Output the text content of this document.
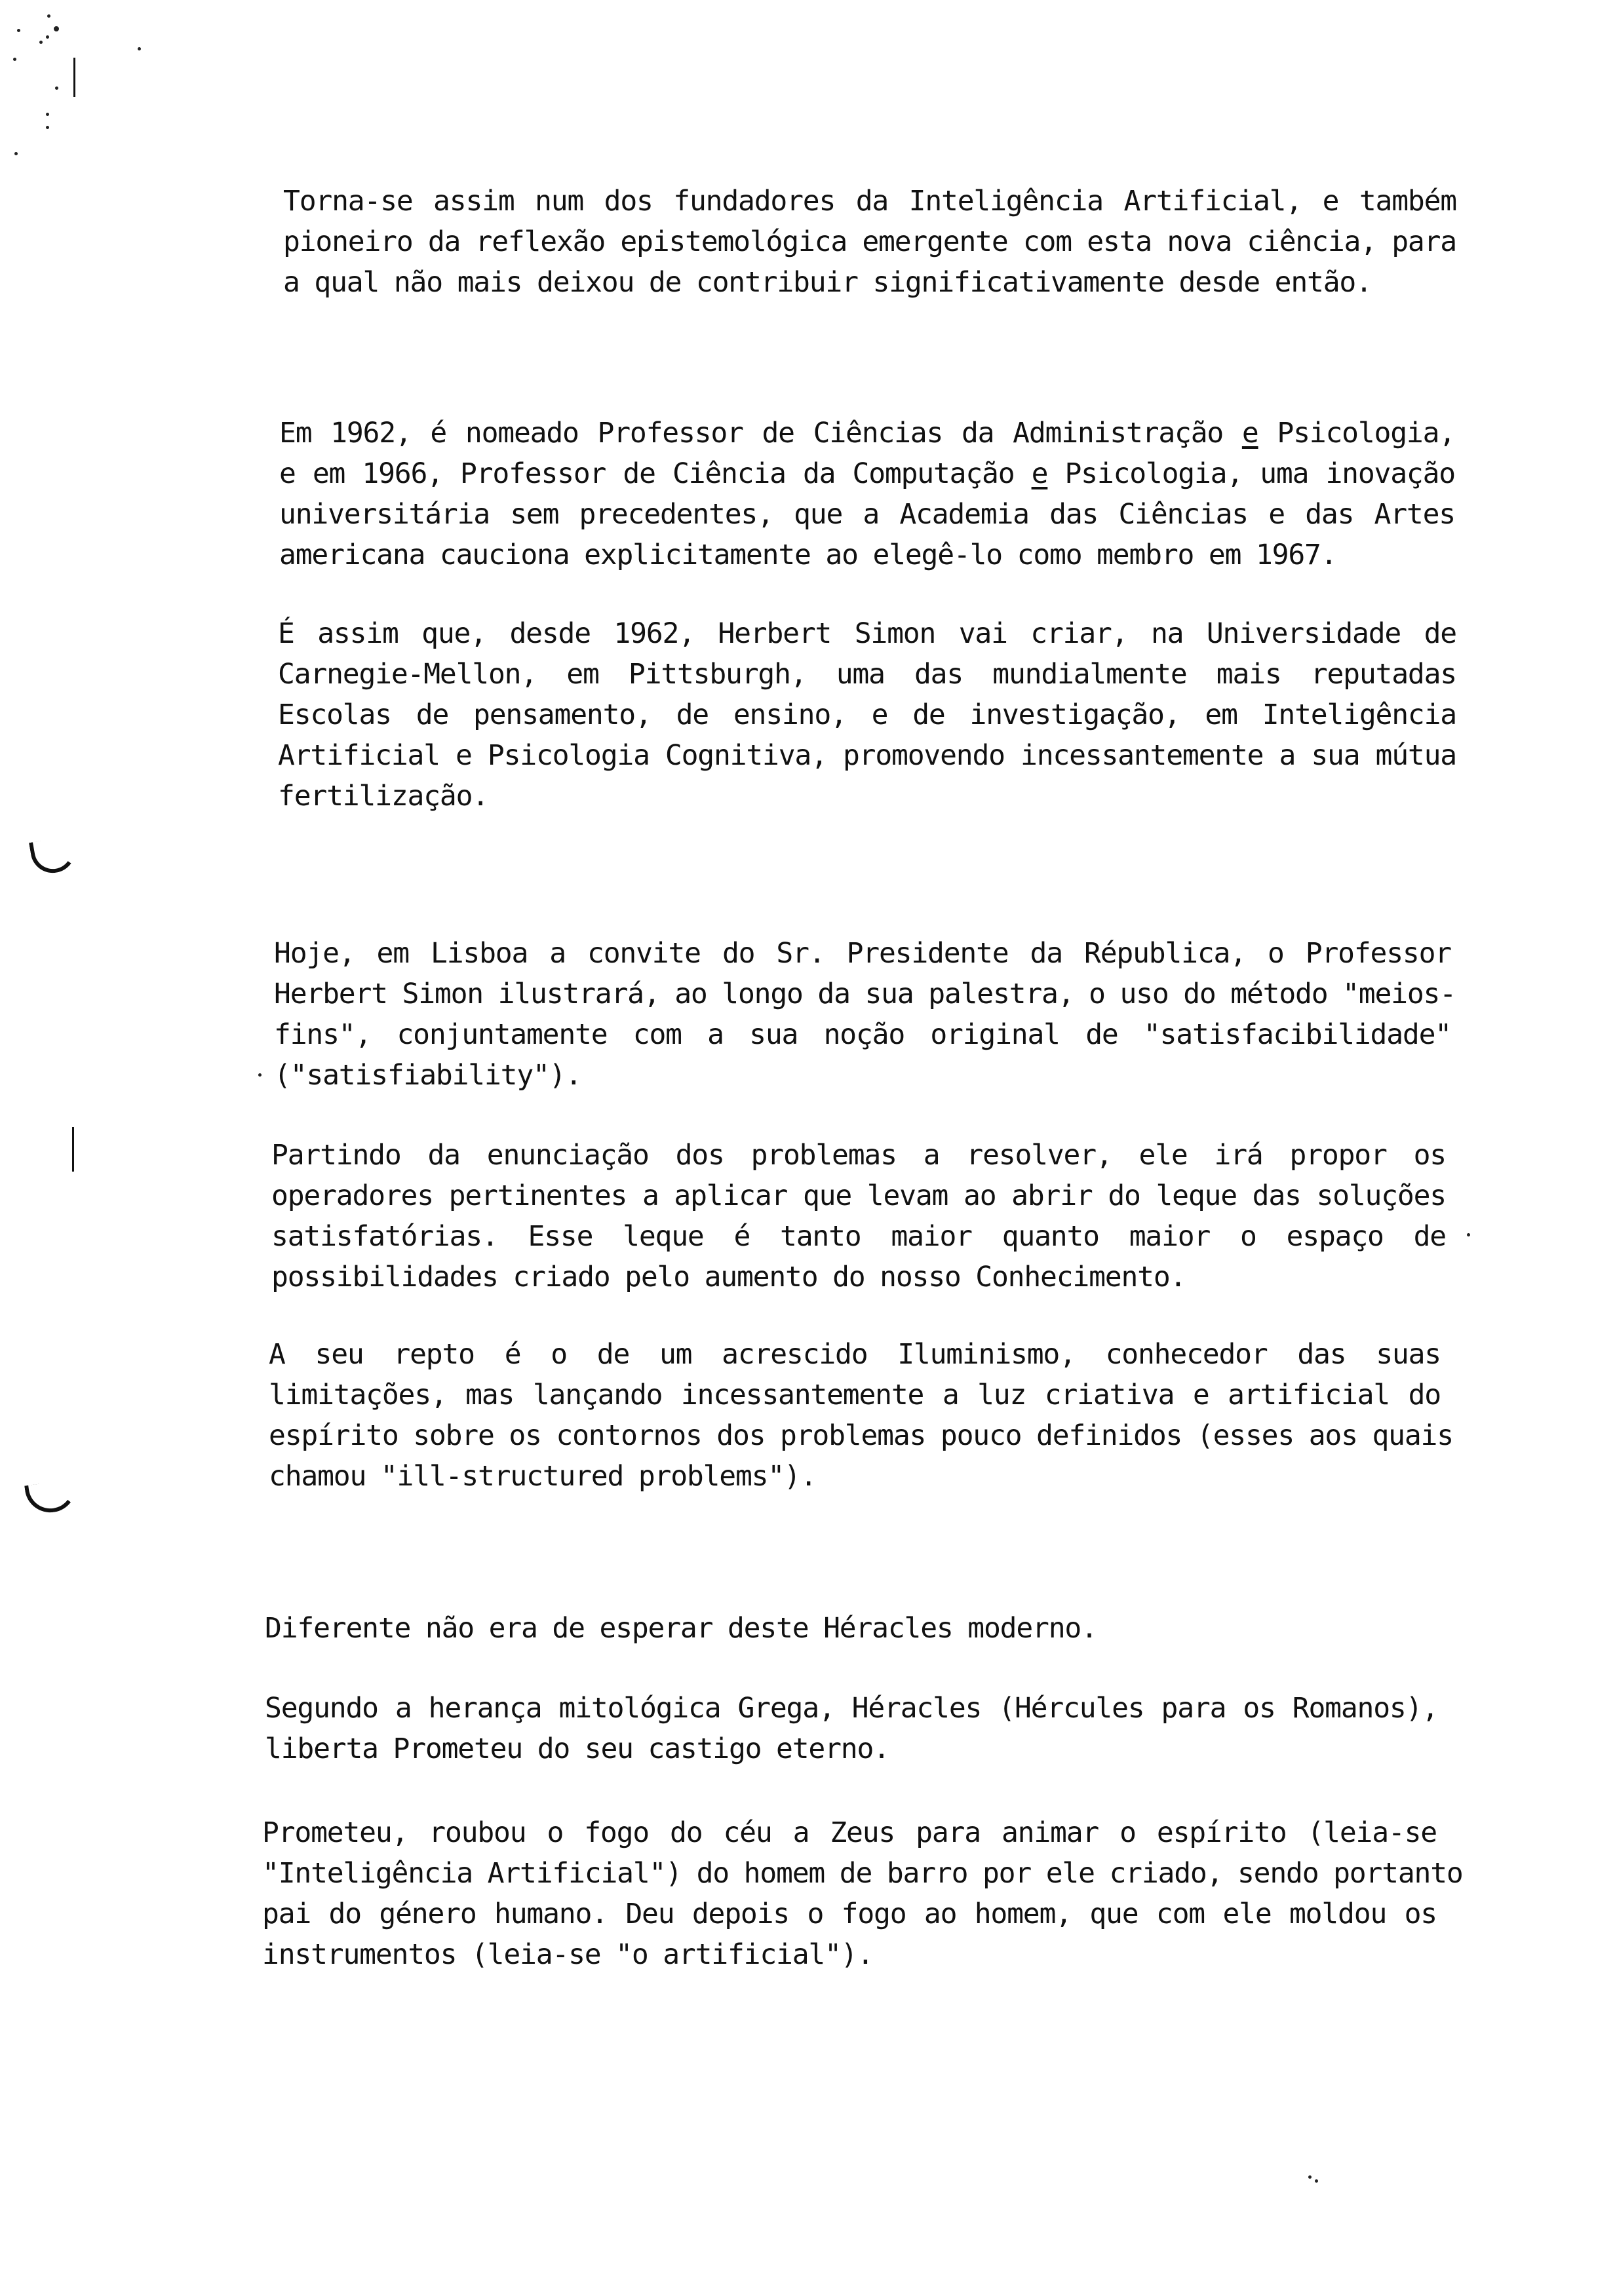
Torna-se assim num dos fundadores da Inteligência Artificial, e também
pioneiro da reflexão epistemológica emergente com esta nova ciência, para
a qual não mais deixou de contribuir significativamente desde então.
Em 1962, é nomeado Professor de Ciências da Administração e Psicologia,
e em 1966, Professor de Ciência da Computação e Psicologia, uma inovação
universitária sem precedentes, que a Academia das Ciências e das Artes
americana cauciona explicitamente ao elegê-lo como membro em 1967.
É assim que, desde 1962, Herbert Simon vai criar, na Universidade de
Carnegie-Mellon, em Pittsburgh, uma das mundialmente mais reputadas
Escolas de pensamento, de ensino, e de investigação, em Inteligência
Artificial e Psicologia Cognitiva, promovendo incessantemente a sua mútua
fertilização.
Hoje, em Lisboa a convite do Sr. Presidente da Républica, o Professor
Herbert Simon ilustrará, ao longo da sua palestra, o uso do método "meios-
fins", conjuntamente com a sua noção original de "satisfacibilidade"
("satisfiability").
Partindo da enunciação dos problemas a resolver, ele irá propor os
operadores pertinentes a aplicar que levam ao abrir do leque das soluções
satisfatórias. Esse leque é tanto maior quanto maior o espaço de
possibilidades criado pelo aumento do nosso Conhecimento.
A seu repto é o de um acrescido Iluminismo, conhecedor das suas
limitações, mas lançando incessantemente a luz criativa e artificial do
espírito sobre os contornos dos problemas pouco definidos (esses aos quais
chamou "ill-structured problems").
Diferente não era de esperar deste Héracles moderno.
Segundo a herança mitológica Grega, Héracles (Hércules para os Romanos),
liberta Prometeu do seu castigo eterno.
Prometeu, roubou o fogo do céu a Zeus para animar o espírito (leia-se
"Inteligência Artificial") do homem de barro por ele criado, sendo portanto
pai do género humano. Deu depois o fogo ao homem, que com ele moldou os
instrumentos (leia-se "o artificial").
